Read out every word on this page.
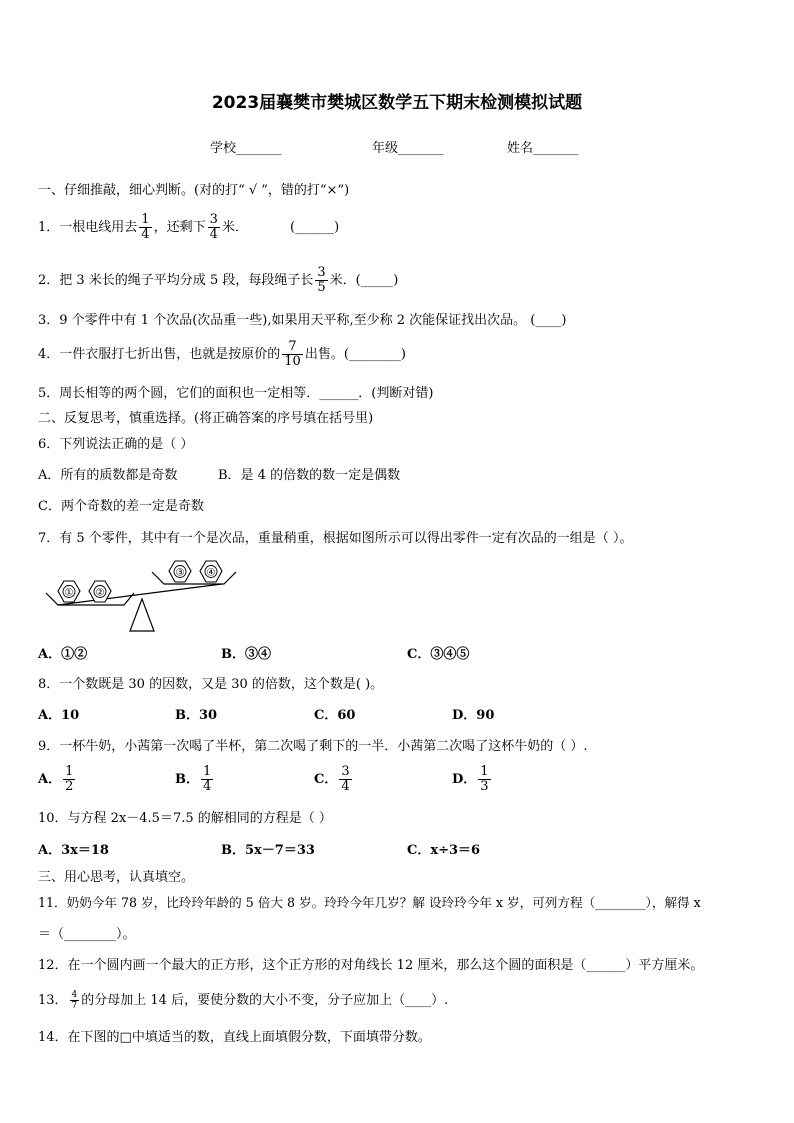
2023届襄樊市樊城区数学五下期末检测模拟试题
学校_______	年级_______	姓名_______
一、仔细推敲，细心判断。(对的打“ √ ”，错的打“×”)
1．一根电线用去 $\frac{1}{4}$ ，还剩下 $\frac{3}{4}$ 米．	(______)
2．把 3 米长的绳子平均分成 5 段，每段绳子长 $\frac{3}{5}$ 米．(_____)
3．9 个零件中有 1 个次品(次品重一些),如果用天平称,至少称 2 次能保证找出次品。 (____)
4．一件衣服打七折出售，也就是按原价的 $\frac{7}{10}$ 出售。(________)
5．周长相等的两个圆，它们的面积也一定相等．______．(判断对错)
二、反复思考，慎重选择。(将正确答案的序号填在括号里)
6．下列说法正确的是（ ）
A．所有的质数都是奇数	B．是 4 的倍数的数一定是偶数
C．两个奇数的差一定是奇数
7．有 5 个零件，其中有一个是次品，重量稍重，根据如图所示可以得出零件一定有次品的一组是（ ）。
① ②
③ ④
A．①②	B．③④	C．③④⑤
8．一个数既是 30 的因数，又是 30 的倍数，这个数是( )。
A．10	B．30	C．60	D．90
9．一杯牛奶，小茜第一次喝了半杯，第二次喝了剩下的一半．小茜第二次喝了这杯牛奶的（ ）.
A． $\frac{1}{2}$	B． $\frac{1}{4}$	C． $\frac{3}{4}$	D． $\frac{1}{3}$
10．与方程 2x－4.5＝7.5 的解相同的方程是（ ）
A．3x＝18	B．5x－7＝33	C．x÷3＝6
三、用心思考，认真填空。
11．奶奶今年 78 岁，比玲玲年龄的 5 倍大 8 岁。玲玲今年几岁？解 设玲玲今年 x 岁，可列方程（________），解得 x
＝（________）。
12．在一个圆内画一个最大的正方形，这个正方形的对角线长 12 厘米，那么这个圆的面积是（______）平方厘米。
13． $\frac{4}{7}$ 的分母加上 14 后，要使分数的大小不变，分子应加上（____）.
14．在下图的□中填适当的数，直线上面填假分数，下面填带分数。
